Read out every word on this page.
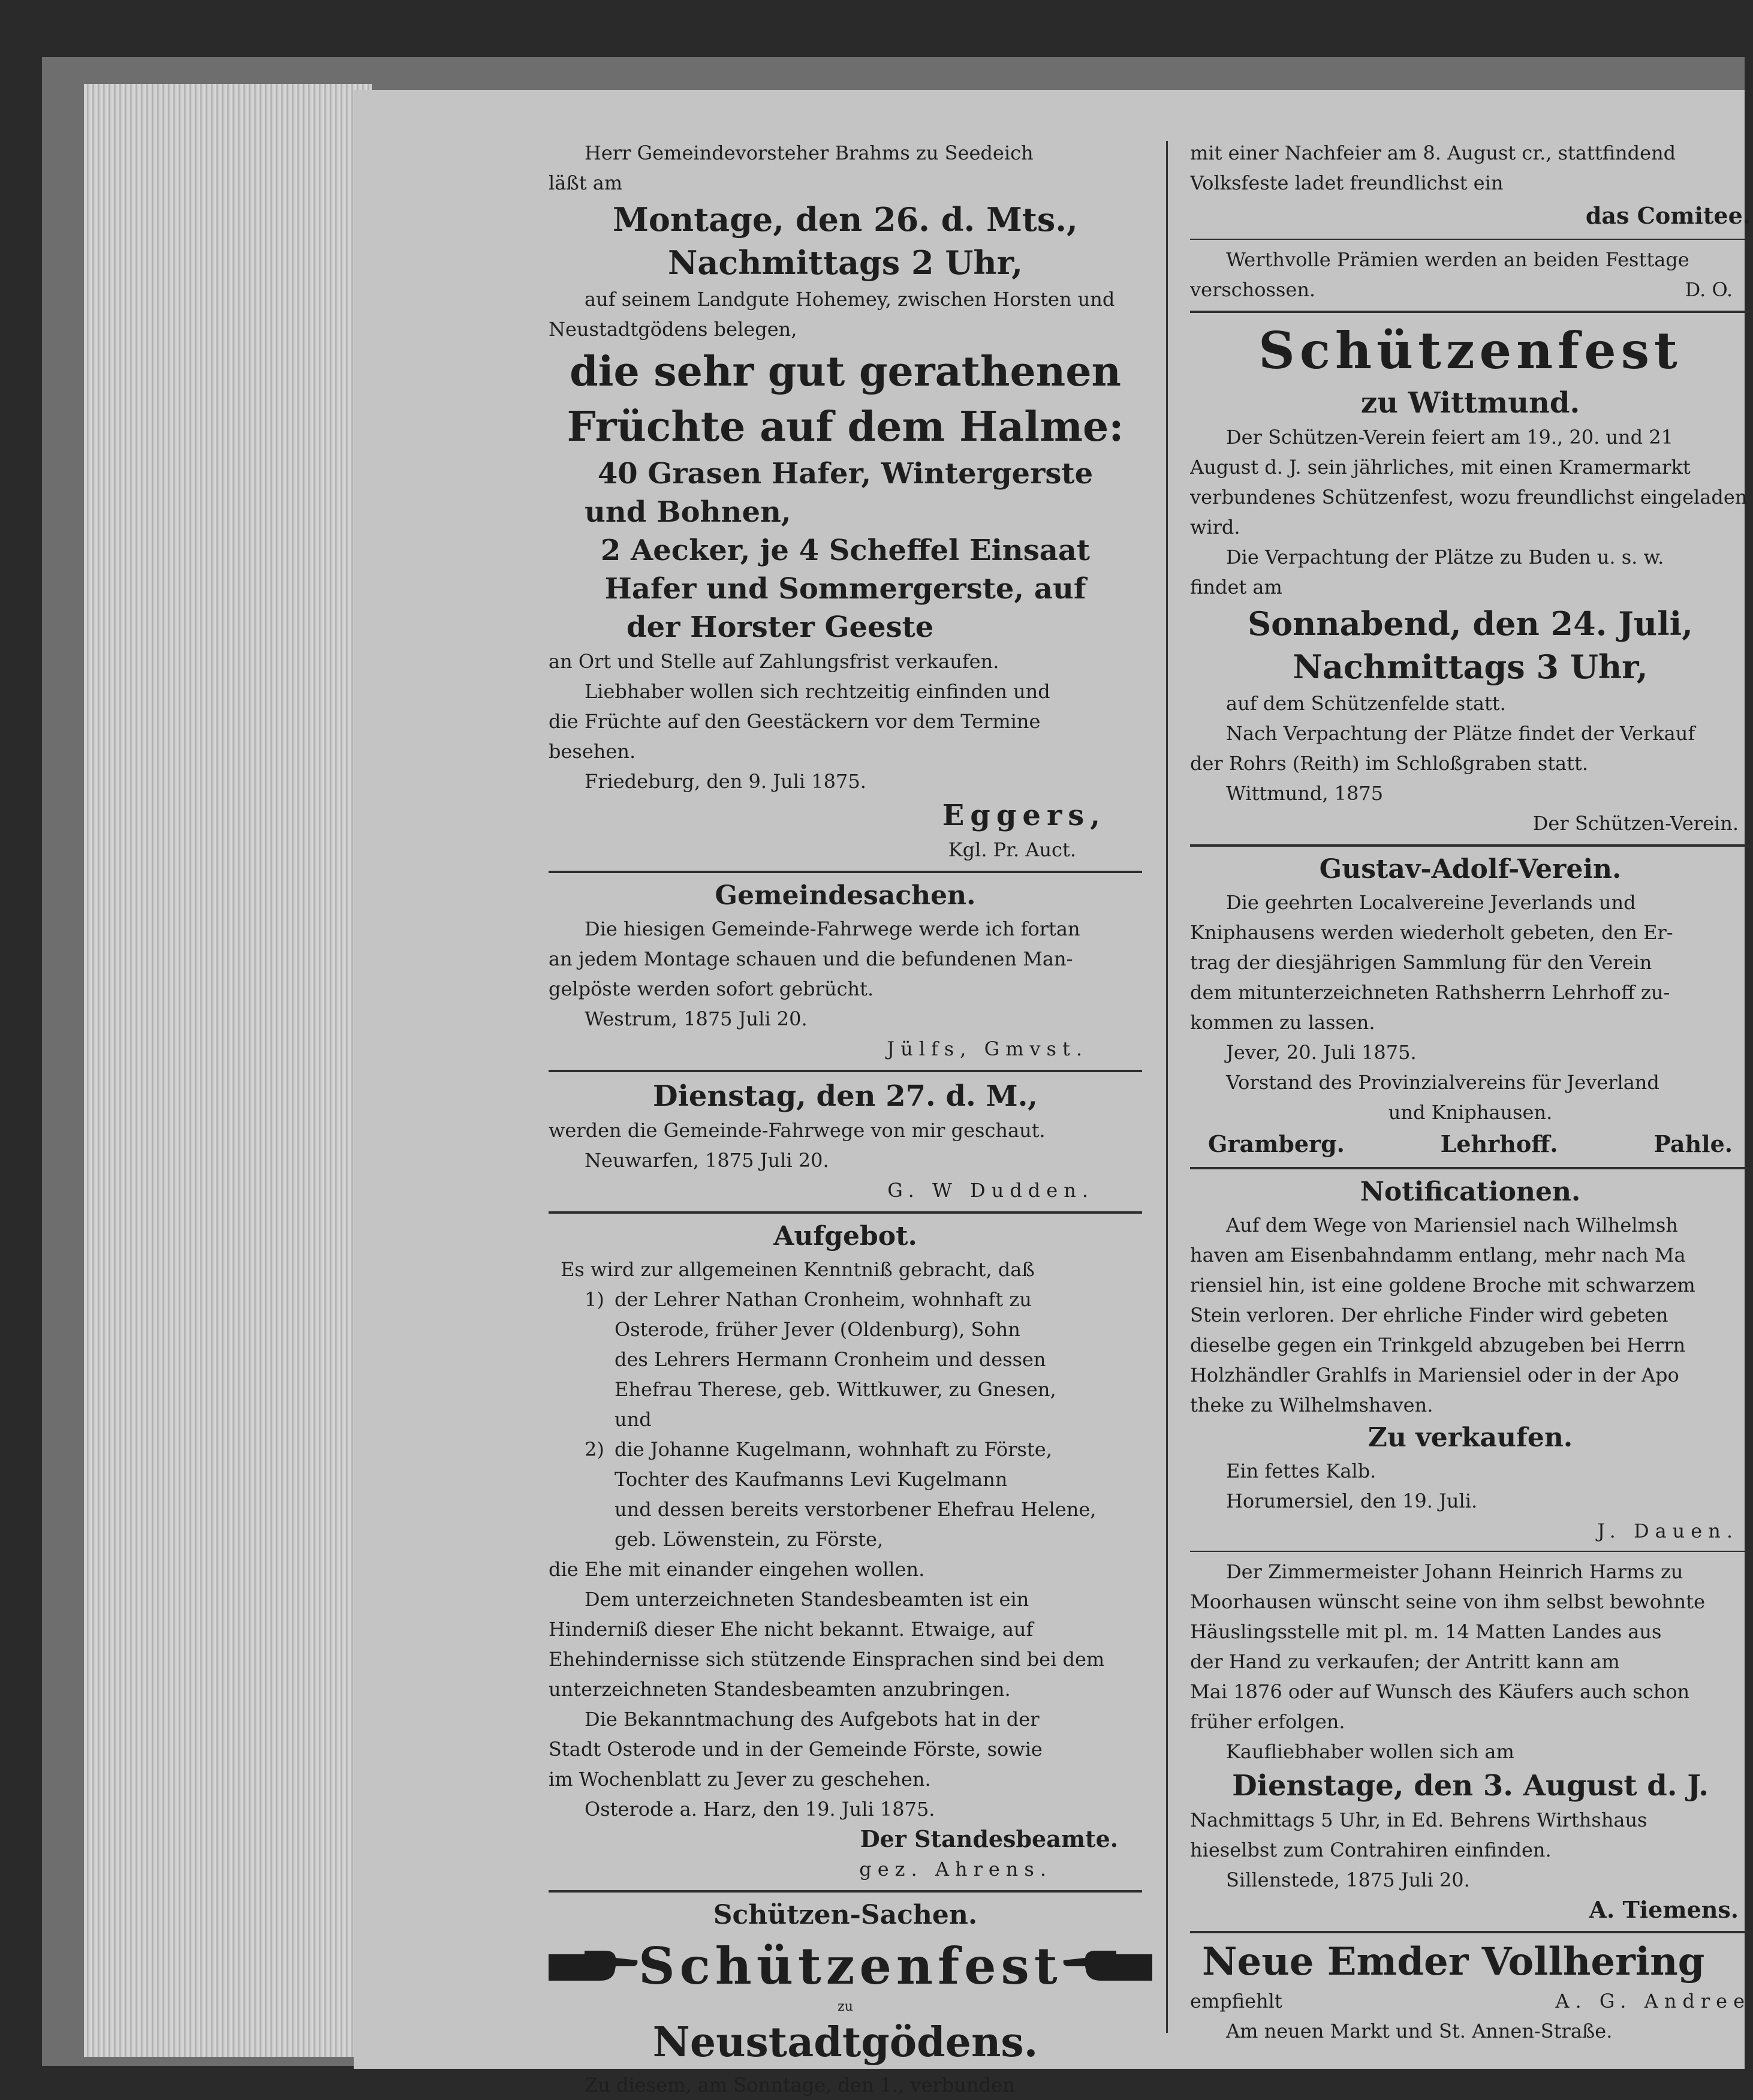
Herr Gemeindevorsteher Brahms zu Seedeich

läßt am

Montage, den 26. d. Mts.,

Nachmittags 2 Uhr,

auf seinem Landgute Hohemey, zwischen Horsten und

Neustadtgödens belegen,

die sehr gut gerathenen

Früchte auf dem Halme:

40 Grasen Hafer, Wintergerste

und Bohnen,

2 Aecker, je 4 Scheffel Einsaat

Hafer und Sommergerste, auf

der Horster Geeste

an Ort und Stelle auf Zahlungsfrist verkaufen.

Liebhaber wollen sich rechtzeitig einfinden und

die Früchte auf den Geestäckern vor dem Termine

besehen.

Friedeburg, den 9. Juli 1875.

Eggers,

Kgl. Pr. Auct.

Gemeindesachen.

Die hiesigen Gemeinde-Fahrwege werde ich fortan

an jedem Montage schauen und die befundenen Man-

gelpöste werden sofort gebrücht.

Westrum, 1875 Juli 20.

Jülfs, Gmvst.

Dienstag, den 27. d. M.,

werden die Gemeinde-Fahrwege von mir geschaut.

Neuwarfen, 1875 Juli 20.

G. W Dudden.

Aufgebot.

Es wird zur allgemeinen Kenntniß gebracht, daß

1) der Lehrer Nathan Cronheim, wohnhaft zu

Osterode, früher Jever (Oldenburg), Sohn

des Lehrers Hermann Cronheim und dessen

Ehefrau Therese, geb. Wittkuwer, zu Gnesen,

und

2) die Johanne Kugelmann, wohnhaft zu Förste,

Tochter des Kaufmanns Levi Kugelmann

und dessen bereits verstorbener Ehefrau Helene,

geb. Löwenstein, zu Förste,

die Ehe mit einander eingehen wollen.

Dem unterzeichneten Standesbeamten ist ein

Hinderniß dieser Ehe nicht bekannt. Etwaige, auf

Ehehindernisse sich stützende Einsprachen sind bei dem

unterzeichneten Standesbeamten anzubringen.

Die Bekanntmachung des Aufgebots hat in der

Stadt Osterode und in der Gemeinde Förste, sowie

im Wochenblatt zu Jever zu geschehen.

Osterode a. Harz, den 19. Juli 1875.

Der Standesbeamte.

gez. Ahrens.

Schützen-Sachen.

Schützenfest

zu

Neustadtgödens.

Zu diesem, am Sonntage, den 1., verbunden

mit einer Nachfeier am 8. August cr., stattfindend

Volksfeste ladet freundlichst ein

das Comitee.

Werthvolle Prämien werden an beiden Festtage

verschossen.	D. O.

Schützenfest

zu Wittmund.

Der Schützen-Verein feiert am 19., 20. und 21

August d. J. sein jährliches, mit einen Kramermarkt

verbundenes Schützenfest, wozu freundlichst eingeladen

wird.

Die Verpachtung der Plätze zu Buden u. s. w.

findet am

Sonnabend, den 24. Juli,

Nachmittags 3 Uhr,

auf dem Schützenfelde statt.

Nach Verpachtung der Plätze findet der Verkauf

der Rohrs (Reith) im Schloßgraben statt.

Wittmund, 1875

Der Schützen-Verein.

Gustav-Adolf-Verein.

Die geehrten Localvereine Jeverlands und

Kniphausens werden wiederholt gebeten, den Er-

trag der diesjährigen Sammlung für den Verein

dem mitunterzeichneten Rathsherrn Lehrhoff zu-

kommen zu lassen.

Jever, 20. Juli 1875.

Vorstand des Provinzialvereins für Jeverland

und Kniphausen.

Gramberg.	Lehrhoff.	Pahle.

Notificationen.

Auf dem Wege von Mariensiel nach Wilhelmsh

haven am Eisenbahndamm entlang, mehr nach Ma

riensiel hin, ist eine goldene Broche mit schwarzem

Stein verloren. Der ehrliche Finder wird gebeten

dieselbe gegen ein Trinkgeld abzugeben bei Herrn

Holzhändler Grahlfs in Mariensiel oder in der Apo

theke zu Wilhelmshaven.

Zu verkaufen.

Ein fettes Kalb.

Horumersiel, den 19. Juli.

J. Dauen.

Der Zimmermeister Johann Heinrich Harms zu

Moorhausen wünscht seine von ihm selbst bewohnte

Häuslingsstelle mit pl. m. 14 Matten Landes aus

der Hand zu verkaufen; der Antritt kann am

Mai 1876 oder auf Wunsch des Käufers auch schon

früher erfolgen.

Kaufliebhaber wollen sich am

Dienstage, den 3. August d. J.

Nachmittags 5 Uhr, in Ed. Behrens Wirthshaus

hieselbst zum Contrahiren einfinden.

Sillenstede, 1875 Juli 20.

A. Tiemens.

Neue Emder Vollhering

empfiehlt	A. G. Andree

Am neuen Markt und St. Annen-Straße.
